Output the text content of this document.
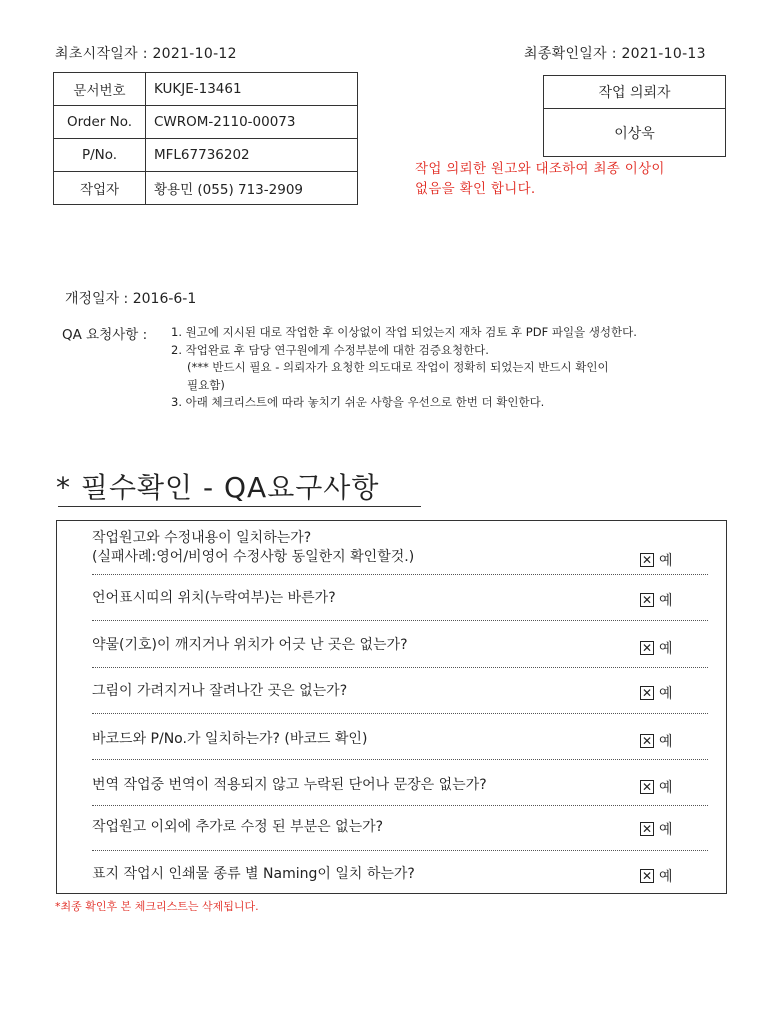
최초시작일자 : 2021-10-12	최종확인일자 : 2021-10-13
문서번호	KUKJE-13461
Order No.	CWROM-2110-00073
P/No.	MFL67736202
작업자	황용민 (055) 713-2909
작업 의뢰자
이상욱
작업 의뢰한 원고와 대조하여 최종 이상이
없음을 확인 합니다.
개정일자 : 2016-6-1
QA 요청사항 : 1. 원고에 지시된 대로 작업한 후 이상없이 작업 되었는지 재차 검토 후 PDF 파일을 생성한다.
2. 작업완료 후 담당 연구원에게 수정부분에 대한 검증요청한다.
(*** 반드시 필요 - 의뢰자가 요청한 의도대로 작업이 정확히 되었는지 반드시 확인이
필요함)
3. 아래 체크리스트에 따라 놓치기 쉬운 사항을 우선으로 한번 더 확인한다.
* 필수확인 - QA요구사항
작업원고와 수정내용이 일치하는가?
(실패사례:영어/비영어 수정사항 동일한지 확인할것.)	✕ 예
언어표시띠의 위치(누락여부)는 바른가?	✕ 예
약물(기호)이 깨지거나 위치가 어긋 난 곳은 없는가?	✕ 예
그림이 가려지거나 잘려나간 곳은 없는가?	✕ 예
바코드와 P/No.가 일치하는가? (바코드 확인)	✕ 예
번역 작업중 번역이 적용되지 않고 누락된 단어나 문장은 없는가?	✕ 예
작업원고 이외에 추가로 수정 된 부분은 없는가?	✕ 예
표지 작업시 인쇄물 종류 별 Naming이 일치 하는가?	✕ 예
*최종 확인후 본 체크리스트는 삭제됩니다.
